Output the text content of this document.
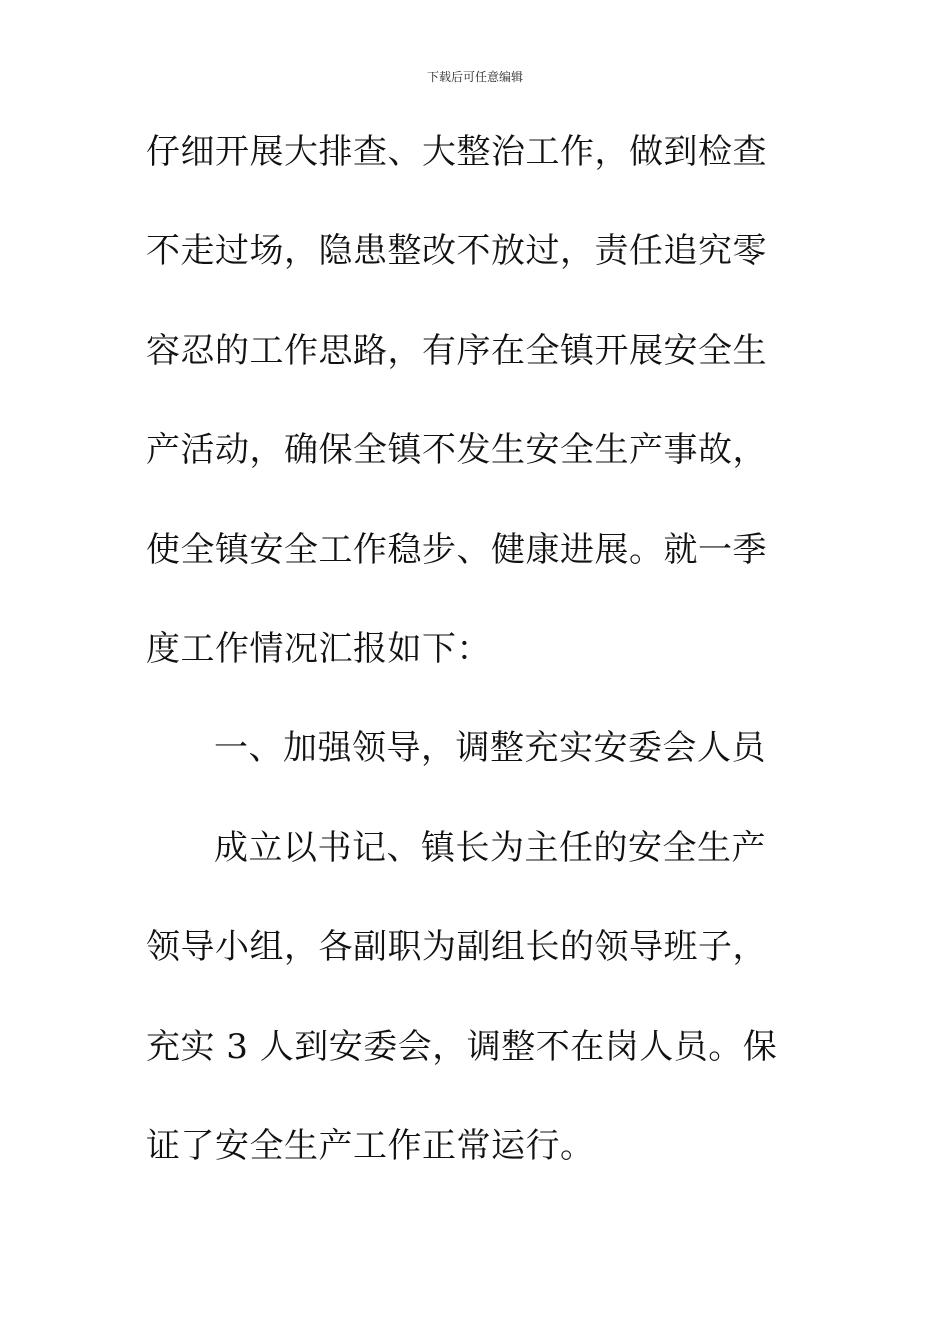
下载后可任意编辑
仔细开展大排查、大整治工作，做到检查
不走过场，隐患整改不放过，责任追究零
容忍的工作思路，有序在全镇开展安全生
产活动，确保全镇不发生安全生产事故，
使全镇安全工作稳步、健康进展。就一季
度工作情况汇报如下：
一、加强领导，调整充实安委会人员
成立以书记、镇长为主任的安全生产
领导小组，各副职为副组长的领导班子，
充实 3 人到安委会，调整不在岗人员。保
证了安全生产工作正常运行。
